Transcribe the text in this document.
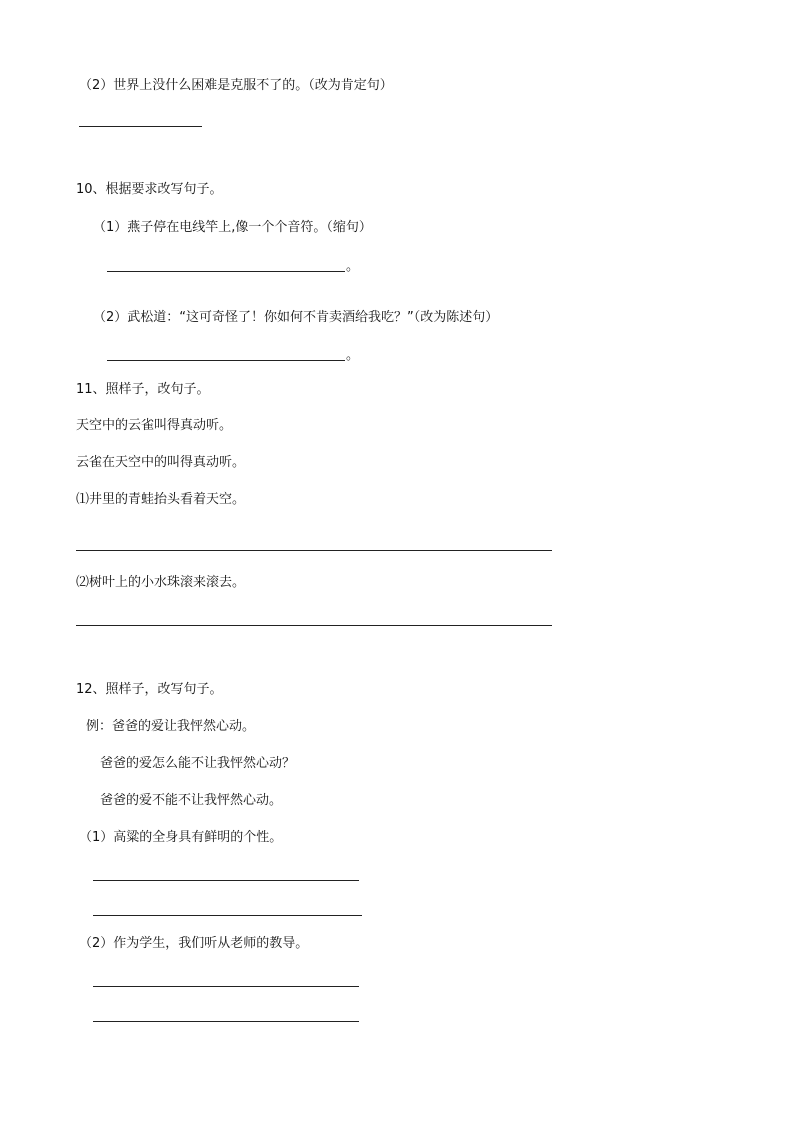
（2）世界上没什么困难是克服不了的。（改为肯定句）
10、根据要求改写句子。
（1）燕子停在电线竿上,像一个个音符。（缩句）
。
（2）武松道：“这可奇怪了！你如何不肯卖酒给我吃？”（改为陈述句）
。
11、照样子，改句子。
天空中的云雀叫得真动听。
云雀在天空中的叫得真动听。
⑴井里的青蛙抬头看着天空。
⑵树叶上的小水珠滚来滚去。
12、照样子，改写句子。
例：爸爸的爱让我怦然心动。
爸爸的爱怎么能不让我怦然心动？
爸爸的爱不能不让我怦然心动。
（1）高粱的全身具有鲜明的个性。
（2）作为学生，我们听从老师的教导。
